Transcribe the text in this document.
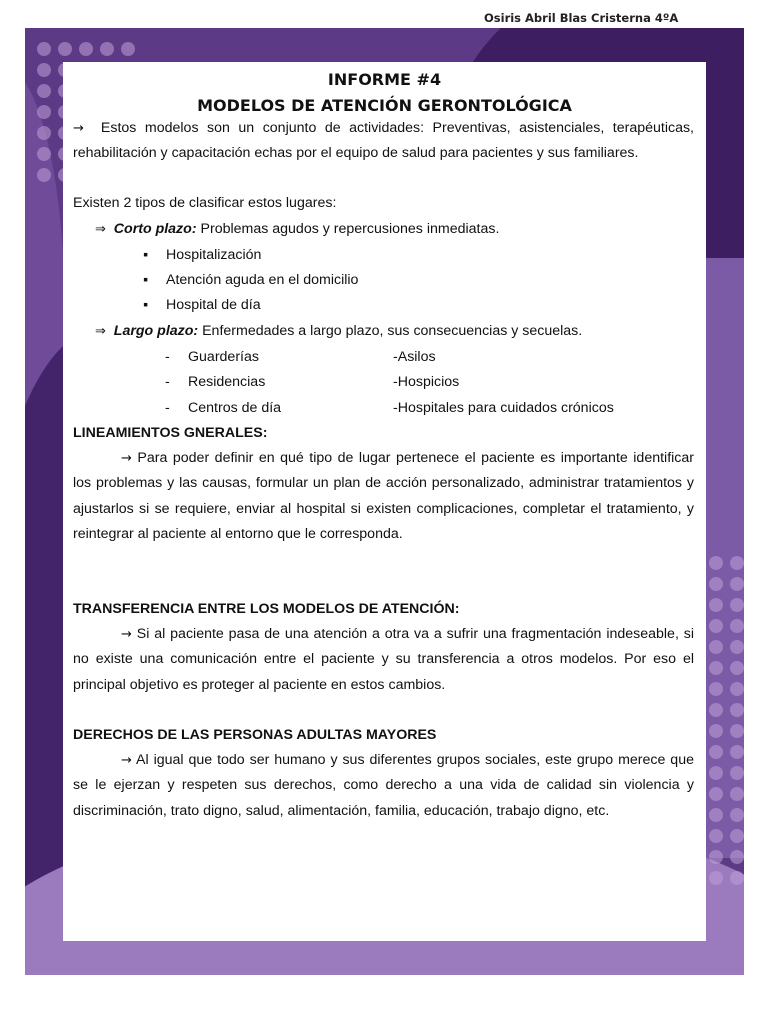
Osiris Abril Blas Cristerna 4ºA
INFORME #4
MODELOS DE ATENCIÓN GERONTOLÓGICA

→ Estos modelos son un conjunto de actividades: Preventivas, asistenciales, terapéuticas, rehabilitación y capacitación echas por el equipo de salud para pacientes y sus familiares.

Existen 2 tipos de clasificar estos lugares:
⇒ Corto plazo: Problemas agudos y repercusiones inmediatas.
▪ Hospitalización
▪ Atención aguda en el domicilio
▪ Hospital de día
⇒ Largo plazo: Enfermedades a largo plazo, sus consecuencias y secuelas.
- Guarderías	-Asilos
- Residencias	-Hospicios
- Centros de día	-Hospitales para cuidados crónicos
LINEAMIENTOS GNERALES:

→ Para poder definir en qué tipo de lugar pertenece el paciente es importante identificar los problemas y las causas, formular un plan de acción personalizado, administrar tratamientos y ajustarlos si se requiere, enviar al hospital si existen complicaciones, completar el tratamiento, y reintegrar al paciente al entorno que le corresponda.

TRANSFERENCIA ENTRE LOS MODELOS DE ATENCIÓN:

→ Si al paciente pasa de una atención a otra va a sufrir una fragmentación indeseable, si no existe una comunicación entre el paciente y su transferencia a otros modelos. Por eso el principal objetivo es proteger al paciente en estos cambios.

DERECHOS DE LAS PERSONAS ADULTAS MAYORES

→ Al igual que todo ser humano y sus diferentes grupos sociales, este grupo merece que se le ejerzan y respeten sus derechos, como derecho a una vida de calidad sin violencia y discriminación, trato digno, salud, alimentación, familia, educación, trabajo digno, etc.
